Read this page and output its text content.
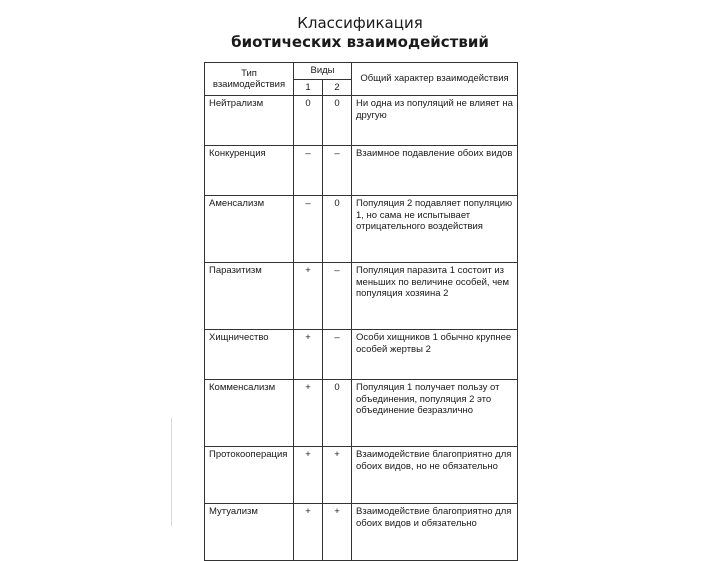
Классификация
биотических взаимодействий
Тип взаимодействия	Виды		Общий характер взаимодействия
	1	2	
Нейтрализм	0	0	Ни одна из популяций не влияет на другую
Конкуренция	–	–	Взаимное подавление обоих видов
Аменсализм	–	0	Популяция 2 подавляет популяцию 1, но сама не испытывает отрицательного воздействия
Паразитизм	+	–	Популяция паразита 1 состоит из меньших по величине особей, чем популяция хозяина 2
Хищничество	+	–	Особи хищников 1 обычно крупнее особей жертвы 2
Комменсализм	+	0	Популяция 1 получает пользу от объединения, популяция 2 это объединение безразлично
Протокооперация	+	+	Взаимодействие благоприятно для обоих видов, но не обязательно
Мутуализм	+	+	Взаимодействие благоприятно для обоих видов и обязательно
